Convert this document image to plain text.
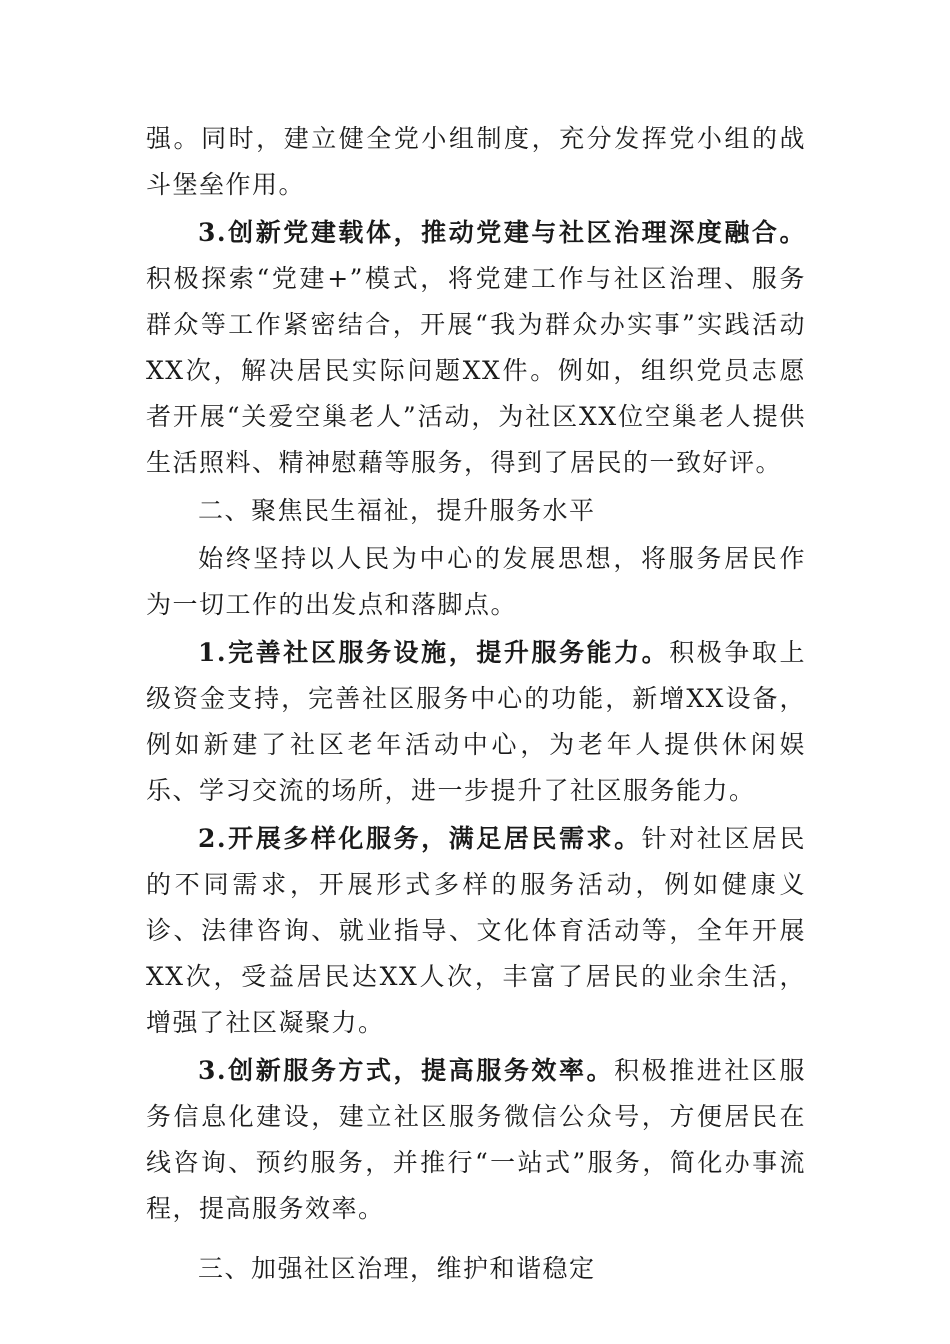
强。同时，建立健全党小组制度，充分发挥党小组的战斗堡垒作用。

3.创新党建载体，推动党建与社区治理深度融合。积极探索“党建+”模式，将党建工作与社区治理、服务群众等工作紧密结合，开展“我为群众办实事”实践活动XX次，解决居民实际问题XX件。例如，组织党员志愿者开展“关爱空巢老人”活动，为社区XX位空巢老人提供生活照料、精神慰藉等服务，得到了居民的一致好评。

二、聚焦民生福祉，提升服务水平

始终坚持以人民为中心的发展思想，将服务居民作为一切工作的出发点和落脚点。

1.完善社区服务设施，提升服务能力。积极争取上级资金支持，完善社区服务中心的功能，新增XX设备，例如新建了社区老年活动中心，为老年人提供休闲娱乐、学习交流的场所，进一步提升了社区服务能力。

2.开展多样化服务，满足居民需求。针对社区居民的不同需求，开展形式多样的服务活动，例如健康义诊、法律咨询、就业指导、文化体育活动等，全年开展XX次，受益居民达XX人次，丰富了居民的业余生活，增强了社区凝聚力。

3.创新服务方式，提高服务效率。积极推进社区服务信息化建设，建立社区服务微信公众号，方便居民在线咨询、预约服务，并推行“一站式”服务，简化办事流程，提高服务效率。

三、加强社区治理，维护和谐稳定
